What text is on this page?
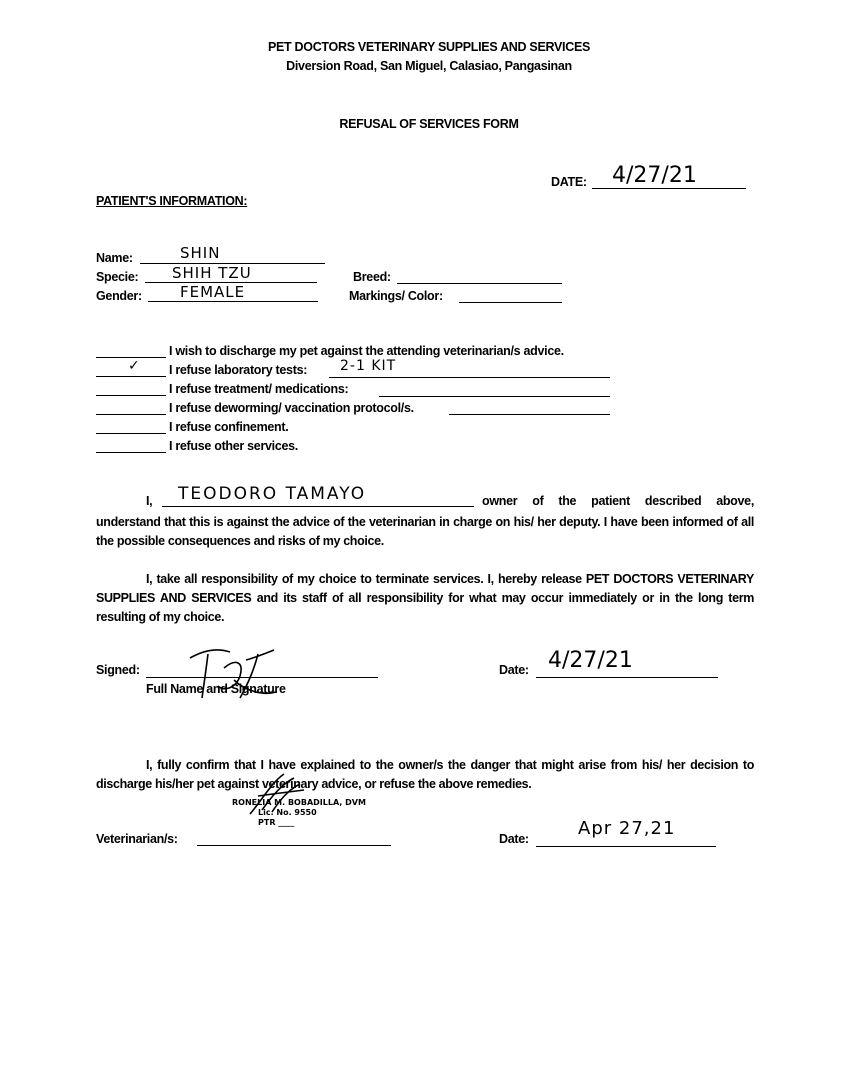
PET DOCTORS VETERINARY SUPPLIES AND SERVICES
Diversion Road, San Miguel, Calasiao, Pangasinan
REFUSAL OF SERVICES FORM
DATE: 4/27/21
PATIENT'S INFORMATION:
Name:	SHIN
Specie: SHIH TZU
Gender:	FEMALE
Breed:
Markings/ Color:
I wish to discharge my pet against the attending veterinarian/s advice.
✓ I refuse laboratory tests: 2-1 KIT
I refuse treatment/ medications:
I refuse deworming/ vaccination protocol/s.
I refuse confinement.
I refuse other services.
I, TEODORO TAMAYO	owner of the patient described above,
understand that this is against the advice of the veterinarian in charge on his/ her deputy. I have been informed of all the possible consequences and risks of my choice.
I, take all responsibility of my choice to terminate services. I, hereby release PET DOCTORS VETERINARY SUPPLIES AND SERVICES and its staff of all responsibility for what may occur immediately or in the long term resulting of my choice.
Signed:
Full Name and Signature
Date: 4/27/21
I, fully confirm that I have explained to the owner/s the danger that might arise from his/ her decision to discharge his/her pet against veterinary advice, or refuse the above remedies.
RONELIA M. BOBADILLA, DVM
Lic. No. 9550
PTR ____
Veterinarian/s:	Date:	Apr 27,21
